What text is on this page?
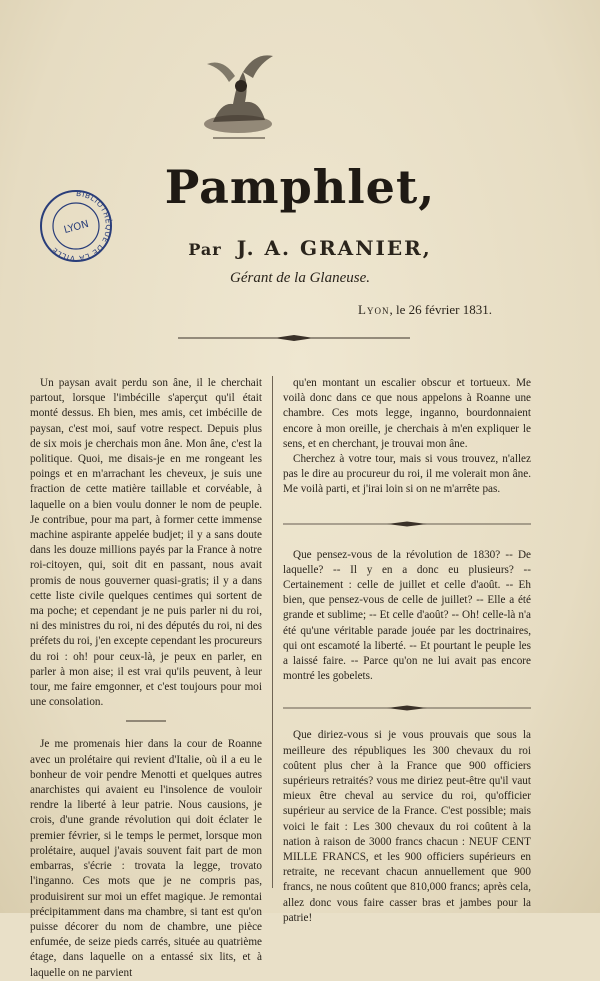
Pamphlet,
BIBLIOTHÈQUE DE LA VILLE
LYON
Par J. A. GRANIER,
Gérant de la Glaneuse.
Lyon, le 26 février 1831.

Un paysan avait perdu son âne, il le cherchait partout, lorsque l'imbécille s'aperçut qu'il était monté dessus. Eh bien, mes amis, cet imbécille de paysan, c'est moi, sauf votre respect. Depuis plus de six mois je cherchais mon âne. Mon âne, c'est la politique. Quoi, me disais-je en me rongeant les poings et en m'arrachant les cheveux, je suis une fraction de cette matière taillable et corvéable, à laquelle on a bien voulu donner le nom de peuple. Je contribue, pour ma part, à former cette immense machine aspirante appelée budjet; il y a sans doute dans les douze millions payés par la France à notre roi-citoyen, qui, soit dit en passant, nous avait promis de nous gouverner quasi-gratis; il y a dans cette liste civile quelques centimes qui sortent de ma poche; et cependant je ne puis parler ni du roi, ni des ministres du roi, ni des députés du roi, ni des préfets du roi, j'en excepte cependant les procureurs du roi : oh! pour ceux-là, je peux en parler, en parler à mon aise; il est vrai qu'ils peuvent, à leur tour, me faire emgonner, et c'est toujours pour moi une consolation.

Je me promenais hier dans la cour de Roanne avec un prolétaire qui revient d'Italie, où il a eu le bonheur de voir pendre Menotti et quelques autres anarchistes qui avaient eu l'insolence de vouloir rendre la liberté à leur patrie. Nous causions, je crois, d'une grande révolution qui doit éclater le premier février, si le temps le permet, lorsque mon prolétaire, auquel j'avais souvent fait part de mon embarras, s'écrie : trovata la legge, trovato l'inganno. Ces mots que je ne compris pas, produisirent sur moi un effet magique. Je remontai précipitamment dans ma chambre, si tant est qu'on puisse décorer du nom de chambre, une pièce enfumée, de seize pieds carrés, située au quatrième étage, dans laquelle on a entassé six lits, et à laquelle on ne parvient

qu'en montant un escalier obscur et tortueux. Me voilà donc dans ce que nous appelons à Roanne une chambre. Ces mots legge, inganno, bourdonnaient encore à mon oreille, je cherchais à m'en expliquer le sens, et en cherchant, je trouvai mon âne.

Cherchez à votre tour, mais si vous trouvez, n'allez pas le dire au procureur du roi, il me volerait mon âne. Me voilà parti, et j'irai loin si on ne m'arrête pas.

Que pensez-vous de la révolution de 1830? -- De laquelle? -- Il y en a donc eu plusieurs? -- Certainement : celle de juillet et celle d'août. -- Eh bien, que pensez-vous de celle de juillet? -- Elle a été grande et sublime; -- Et celle d'août? -- Oh! celle-là n'a été qu'une véritable parade jouée par les doctrinaires, qui ont escamoté la liberté. -- Et pourtant le peuple les a laissé faire. -- Parce qu'on ne lui avait pas encore montré les gobelets.

Que diriez-vous si je vous prouvais que sous la meilleure des républiques les 300 chevaux du roi coûtent plus cher à la France que 900 officiers supérieurs retraités? vous me diriez peut-être qu'il vaut mieux être cheval au service du roi, qu'officier supérieur au service de la France. C'est possible; mais voici le fait : Les 300 chevaux du roi coûtent à la nation à raison de 3000 francs chacun : NEUF CENT MILLE FRANCS, et les 900 officiers supérieurs en retraite, ne recevant chacun annuellement que 900 francs, ne nous coûtent que 810,000 francs; après cela, allez donc vous faire casser bras et jambes pour la patrie!
